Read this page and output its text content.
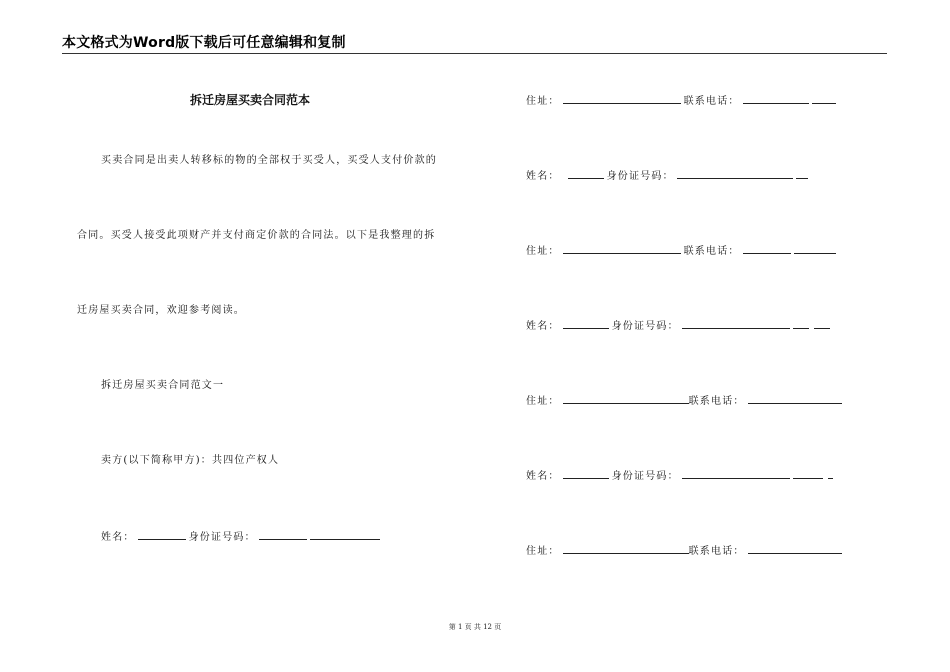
本文格式为Word版下载后可任意编辑和复制
拆迁房屋买卖合同范本
买卖合同是出卖人转移标的物的全部权于买受人，买受人支付价款的
合同。买受人接受此项财产并支付商定价款的合同法。以下是我整理的拆
迁房屋买卖合同，欢迎参考阅读。
拆迁房屋买卖合同范文一
卖方(以下简称甲方)：共四位产权人
姓名：	身份证号码：
住址：	联系电话：
姓名：	身份证号码：
住址：	联系电话：
姓名：	身份证号码：
住址：	联系电话：
姓名：	身份证号码：
住址：	联系电话：
第 1 页 共 12 页
